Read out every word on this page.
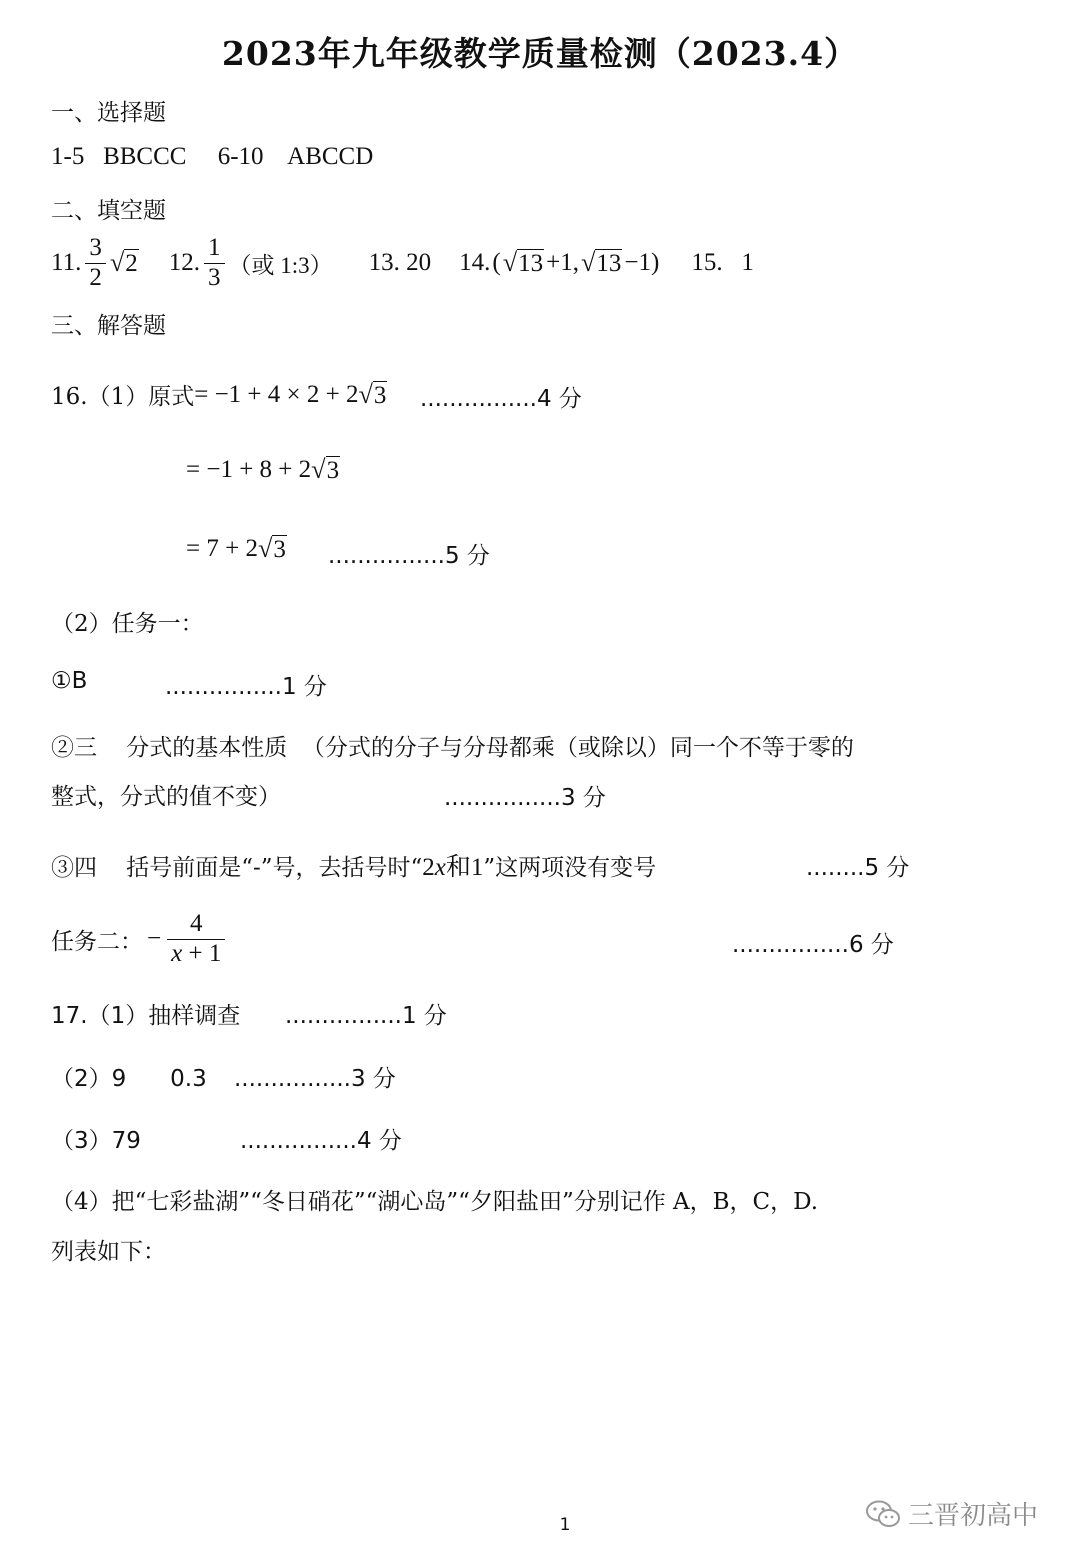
2023年九年级教学质量检测（2023.4）
一、选择题
1-5   BBCCC     6-10    ABCCD
二、填空题
11. $\frac{3}{2} √2$ 12. $\frac{1}{3}$ （或 1:3） 13. 20 14. ( √13 +1, √13 −1) 15.   1
三、解答题
16.（1）原式 = −1 + 4 × 2 + 2 √3 ................4 分
= −1 + 8 + 2 √3
= 7 + 2 √3 ................5 分
（2）任务一：
①B	................1 分
②三    分式的基本性质  （分式的分子与分母都乘（或除以）同一个不等于零的
整式，分式的值不变）	................3 分
③四    括号前面是“-”号，去括号时“ 2 x 和1 ”这两项没有变号	........5 分
任务二： − $\frac{4}{x + 1}$	................6 分
17.（1）抽样调查 ................1 分
（2）9      0.3 ................3 分
（3）79	................4 分
（4）把“七彩盐湖”“冬日硝花”“湖心岛”“夕阳盐田”分别记作 A，B，C，D.
列表如下：
1	三晋初高中
